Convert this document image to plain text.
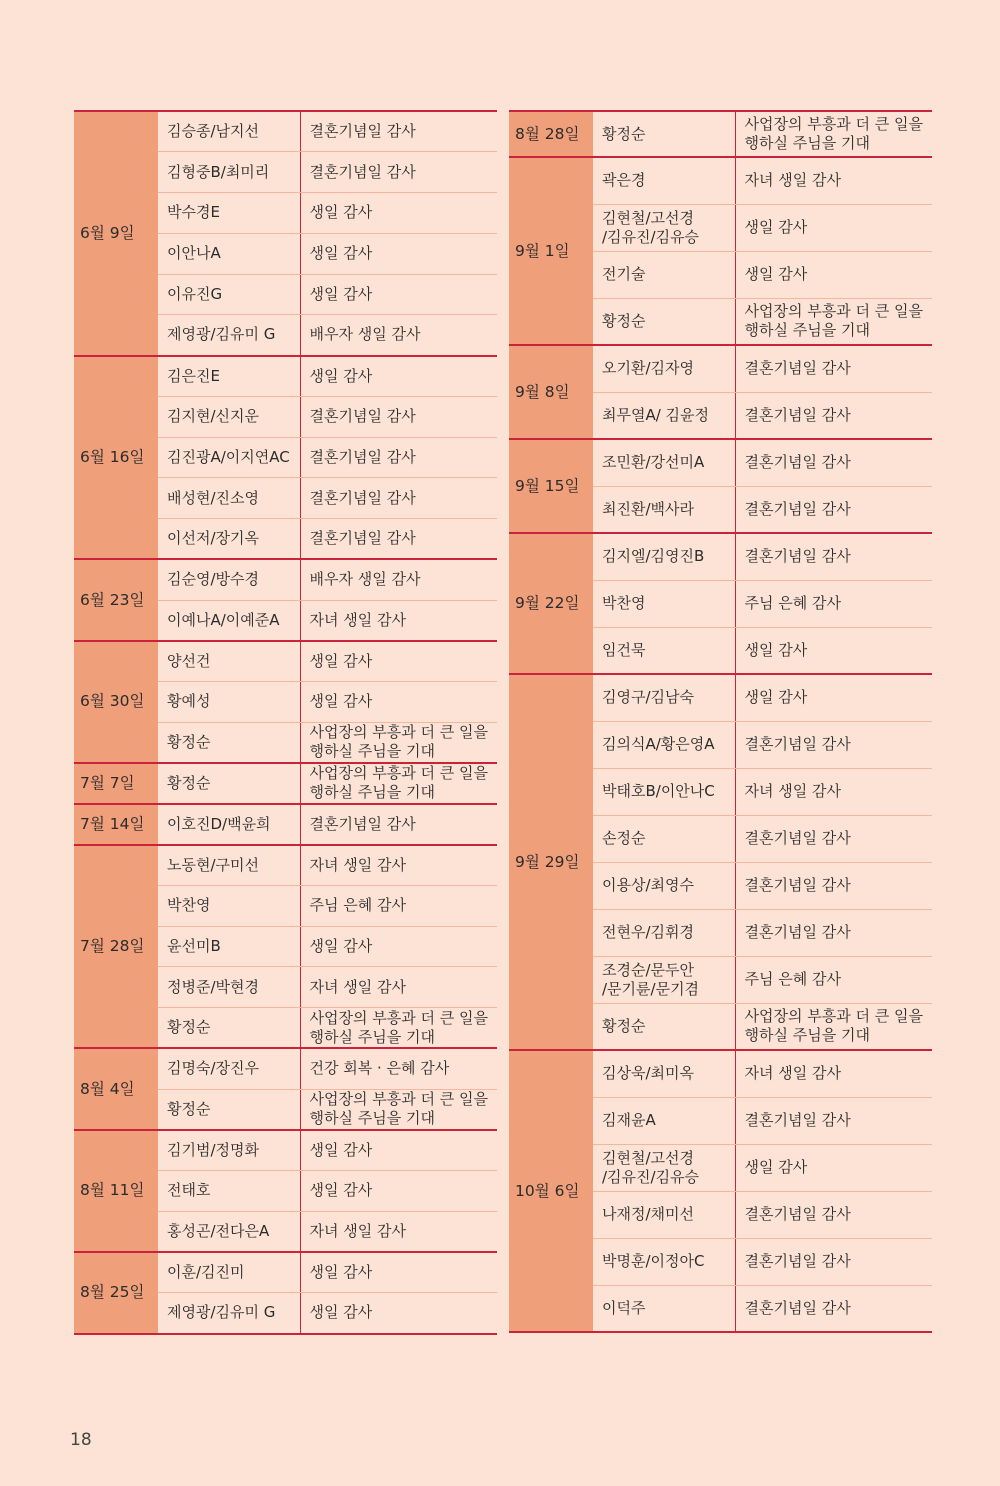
6월 9일	김승종/남지선	결혼기념일 감사
	김형중B/최미리	결혼기념일 감사
	박수경E	생일 감사
	이안나A	생일 감사
	이유진G	생일 감사
	제영광/김유미 G	배우자 생일 감사
6월 16일	김은진E	생일 감사
	김지현/신지운	결혼기념일 감사
	김진광A/이지연AC	결혼기념일 감사
	배성현/진소영	결혼기념일 감사
	이선저/장기옥	결혼기념일 감사
6월 23일	김순영/방수경	배우자 생일 감사
	이예나A/이예준A	자녀 생일 감사
6월 30일	양선건	생일 감사
	황예성	생일 감사
	황정순	사업장의 부흥과 더 큰 일을
행하실 주님을 기대

7월 7일	황정순	사업장의 부흥과 더 큰 일을
행하실 주님을 기대

7월 14일	이호진D/백윤희	결혼기념일 감사
7월 28일	노동현/구미선	자녀 생일 감사
	박찬영	주님 은혜 감사
	윤선미B	생일 감사
	정병준/박현경	자녀 생일 감사
	황정순	사업장의 부흥과 더 큰 일을
행하실 주님을 기대

8월 4일	김명숙/장진우	건강 회복 · 은혜 감사
	황정순	사업장의 부흥과 더 큰 일을
행하실 주님을 기대

8월 11일	김기범/정명화	생일 감사
	전태호	생일 감사
	홍성곤/전다은A	자녀 생일 감사
8월 25일	이훈/김진미	생일 감사
	제영광/김유미 G	생일 감사
8월 28일	황정순	사업장의 부흥과 더 큰 일을
행하실 주님을 기대

9월 1일	곽은경	자녀 생일 감사

	김현철/고선경
/김유진/김유승	생일 감사
	전기술	생일 감사
	황정순	사업장의 부흥과 더 큰 일을
행하실 주님을 기대

9월 8일	오기환/김자영	결혼기념일 감사
	최무열A/ 김윤정	결혼기념일 감사
9월 15일	조민환/강선미A	결혼기념일 감사
	최진환/백사라	결혼기념일 감사
9월 22일	김지엘/김영진B	결혼기념일 감사
	박찬영	주님 은혜 감사
	임건묵	생일 감사
9월 29일	김영구/김남숙	생일 감사
	김의식A/황은영A	결혼기념일 감사
	박태호B/이안나C	자녀 생일 감사
	손정순	결혼기념일 감사
	이용상/최영수	결혼기념일 감사
	전현우/김휘경	결혼기념일 감사

	조경순/문두안
/문기륜/문기겸	주님 은혜 감사
	황정순	사업장의 부흥과 더 큰 일을
행하실 주님을 기대

10월 6일	김상욱/최미옥	자녀 생일 감사
	김재윤A	결혼기념일 감사

	김현철/고선경
/김유진/김유승	생일 감사
	나재정/채미선	결혼기념일 감사
	박명훈/이정아C	결혼기념일 감사
	이덕주	결혼기념일 감사
18
